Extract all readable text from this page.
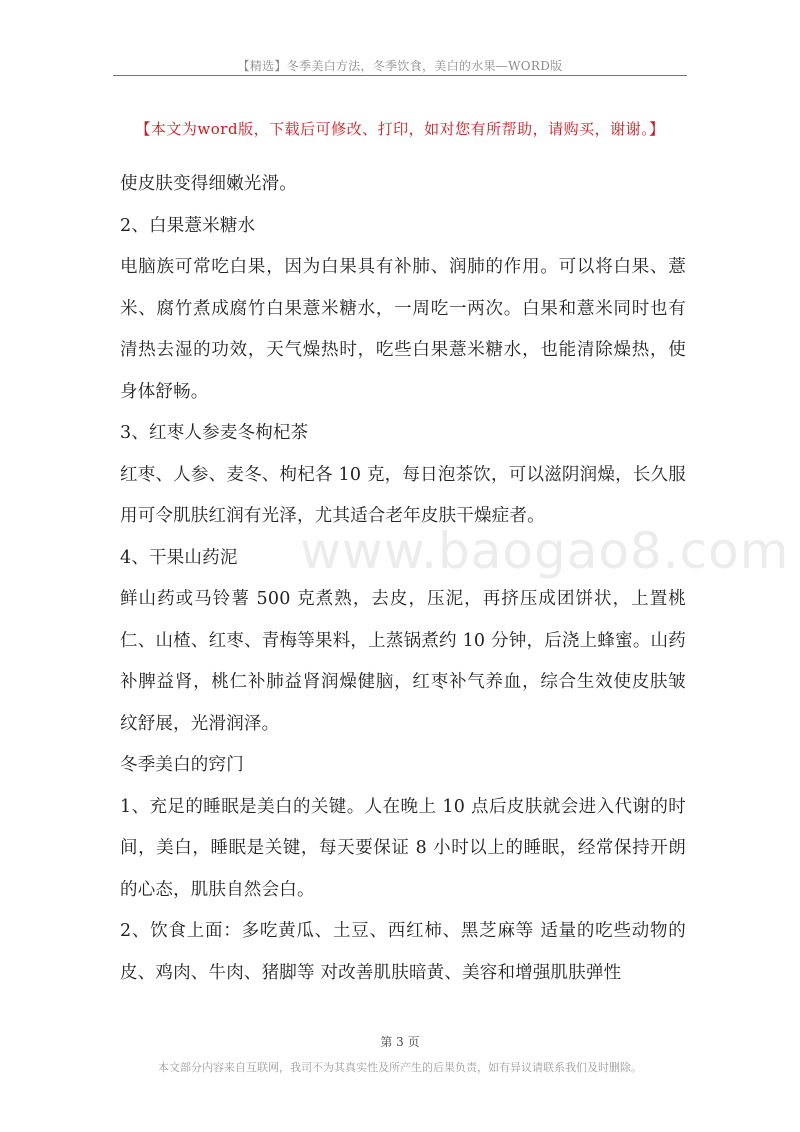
【精选】冬季美白方法，冬季饮食，美白的水果—WORD版
【本文为word版，下载后可修改、打印，如对您有所帮助，请购买，谢谢。】

使皮肤变得细嫩光滑。

2、白果薏米糖水

电脑族可常吃白果，因为白果具有补肺、润肺的作用。可以将白果、薏米、腐竹煮成腐竹白果薏米糖水，一周吃一两次。白果和薏米同时也有清热去湿的功效，天气燥热时，吃些白果薏米糖水，也能清除燥热，使身体舒畅。

3、红枣人参麦冬枸杞茶

红枣、人参、麦冬、枸杞各 10 克，每日泡茶饮，可以滋阴润燥，长久服用可令肌肤红润有光泽，尤其适合老年皮肤干燥症者。

4、干果山药泥

鲜山药或马铃薯 500 克煮熟，去皮，压泥，再挤压成团饼状，上置桃仁、山楂、红枣、青梅等果料，上蒸锅煮约 10 分钟，后浇上蜂蜜。山药补脾益肾，桃仁补肺益肾润燥健脑，红枣补气养血，综合生效使皮肤皱纹舒展，光滑润泽。

冬季美白的窍门

1、充足的睡眠是美白的关键。人在晚上 10 点后皮肤就会进入代谢的时间，美白，睡眠是关键，每天要保证 8 小时以上的睡眠，经常保持开朗的心态，肌肤自然会白。

2、饮食上面：多吃黄瓜、土豆、西红柿、黑芝麻等 适量的吃些动物的皮、鸡肉、牛肉、猪脚等 对改善肌肤暗黄、美容和增强肌肤弹性

www.baogao8.com
第 3 页
本文部分内容来自互联网，我司不为其真实性及所产生的后果负责，如有异议请联系我们及时删除。
